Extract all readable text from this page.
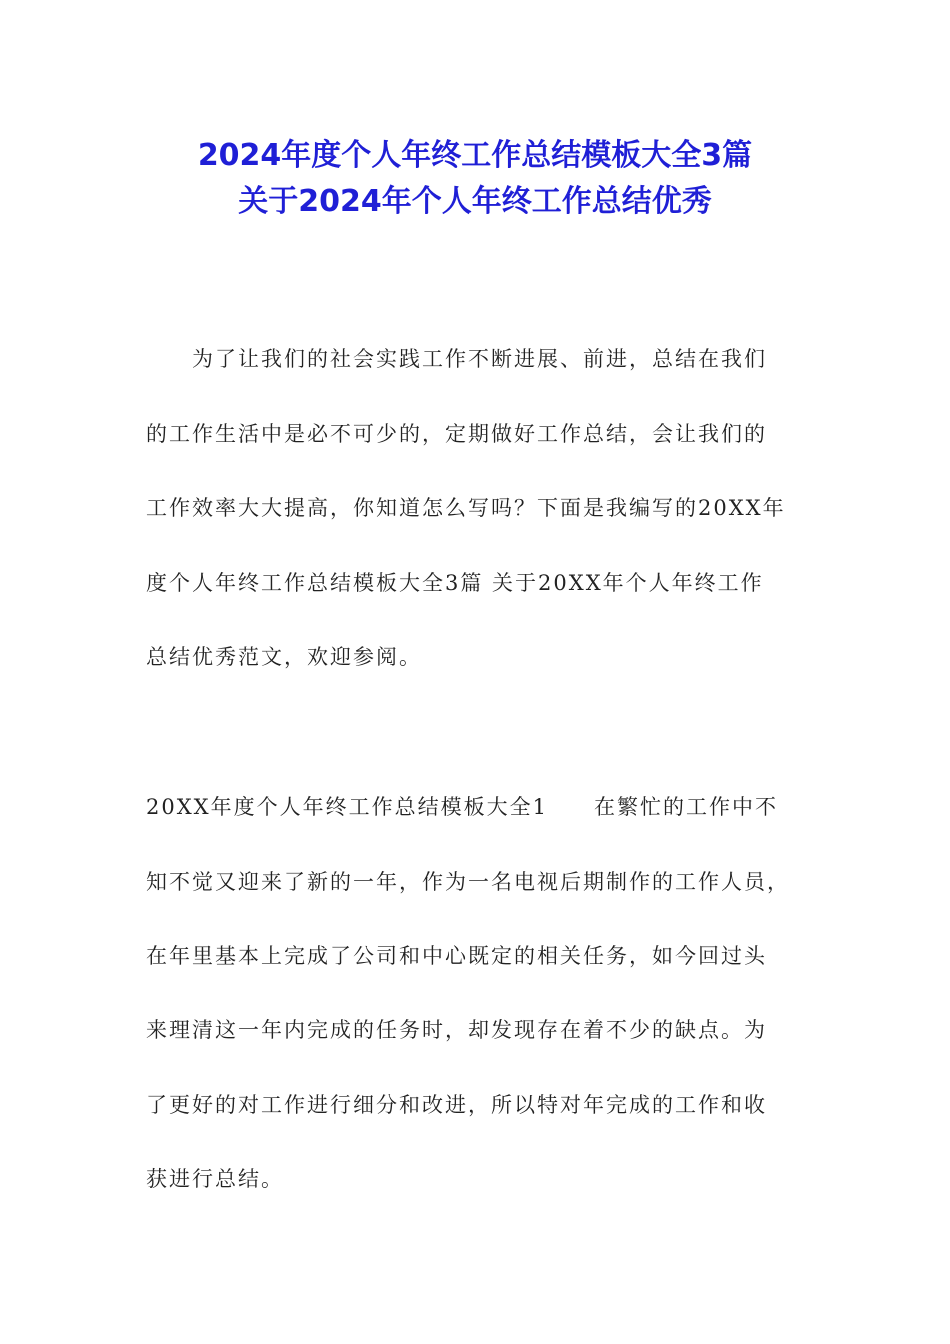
2024年度个人年终工作总结模板大全3篇
关于2024年个人年终工作总结优秀
为了让我们的社会实践工作不断进展、前进，总结在我们
的工作生活中是必不可少的，定期做好工作总结，会让我们的
工作效率大大提高，你知道怎么写吗？下面是我编写的20XX年
度个人年终工作总结模板大全3篇 关于20XX年个人年终工作
总结优秀范文，欢迎参阅。
20XX年度个人年终工作总结模板大全1　　在繁忙的工作中不
知不觉又迎来了新的一年，作为一名电视后期制作的工作人员，
在年里基本上完成了公司和中心既定的相关任务，如今回过头
来理清这一年内完成的任务时，却发现存在着不少的缺点。为
了更好的对工作进行细分和改进，所以特对年完成的工作和收
获进行总结。
